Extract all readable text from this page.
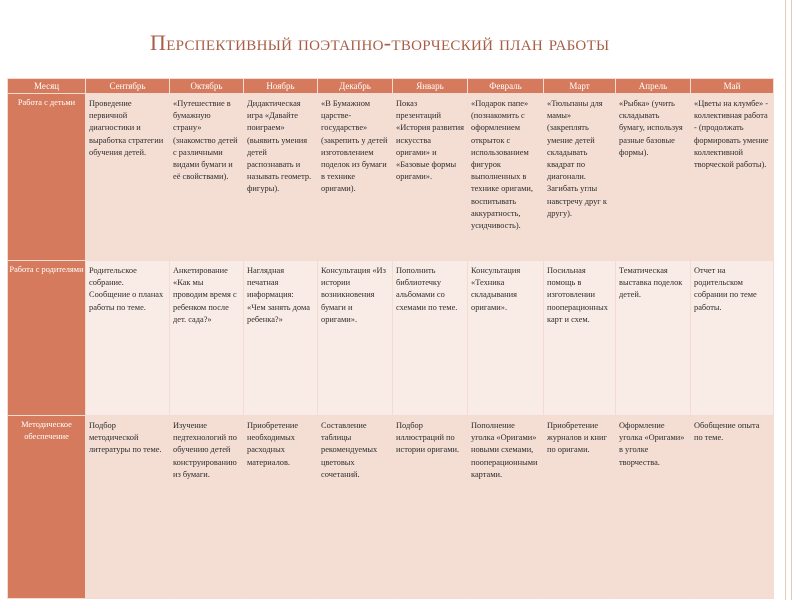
Перспективный поэтапно-творческий план работы
Месяц	Сентябрь	Октябрь	Ноябрь	Декабрь	Январь	Февраль	Март	Апрель	Май
Работа с детьми	Проведение первичной диагностики и выработка стратегии обучения детей.	«Путешествие в бумажную страну» (знакомство детей с различными видами бумаги и её свойствами).	Дидактическая игра «Давайте поиграем» (выявить умения детей распознавать и называть геометр. фигуры).	«В Бумажном царстве-государстве» (закрепить у детей изготовлением поделок из бумаги в технике оригами).	Показ презентаций «История развития искусства оригами» и «Базовые формы оригами».	«Подарок папе» (познакомить с оформлением открыток с использованием фигурок выполненных в технике оригами, воспитывать аккуратность, усидчивость).	«Тюльпаны для мамы» (закреплять умение детей складывать квадрат по диагонали. Загибать углы навстречу друг к другу).	«Рыбка» (учить складывать бумагу, используя разные базовые формы).	«Цветы на клумбе» - коллективная работа - (продолжать формировать умение коллективной творческой работы).
Работа с родителями	Родительское собрание. Сообщение о планах работы по теме.	Анкетирование «Как мы проводим время с ребенком после дет. сада?»	Наглядная печатная информация: «Чем занять дома ребенка?»	Консультация «Из истории возникновения бумаги и оригами».	Пополнить библиотечку альбомами со схемами по теме.	Консультация «Техника складывания оригами».	Посильная помощь в изготовлении пооперационных карт и схем.	Тематическая выставка поделок детей.	Отчет на родительском собрании по теме работы.
Методическое обеспечение	Подбор методической литературы по теме.	Изучение педтехнологий по обучению детей конструированию из бумаги.	Приобретение необходимых расходных материалов.	Составление таблицы рекомендуемых цветовых сочетаний.	Подбор иллюстраций по истории оригами.	Пополнение уголка «Оригами» новыми схемами, пооперационными картами.	Приобретение журналов и книг по оригами.	Оформление уголка «Оригами» в уголке творчества.	Обобщение опыта по теме.
